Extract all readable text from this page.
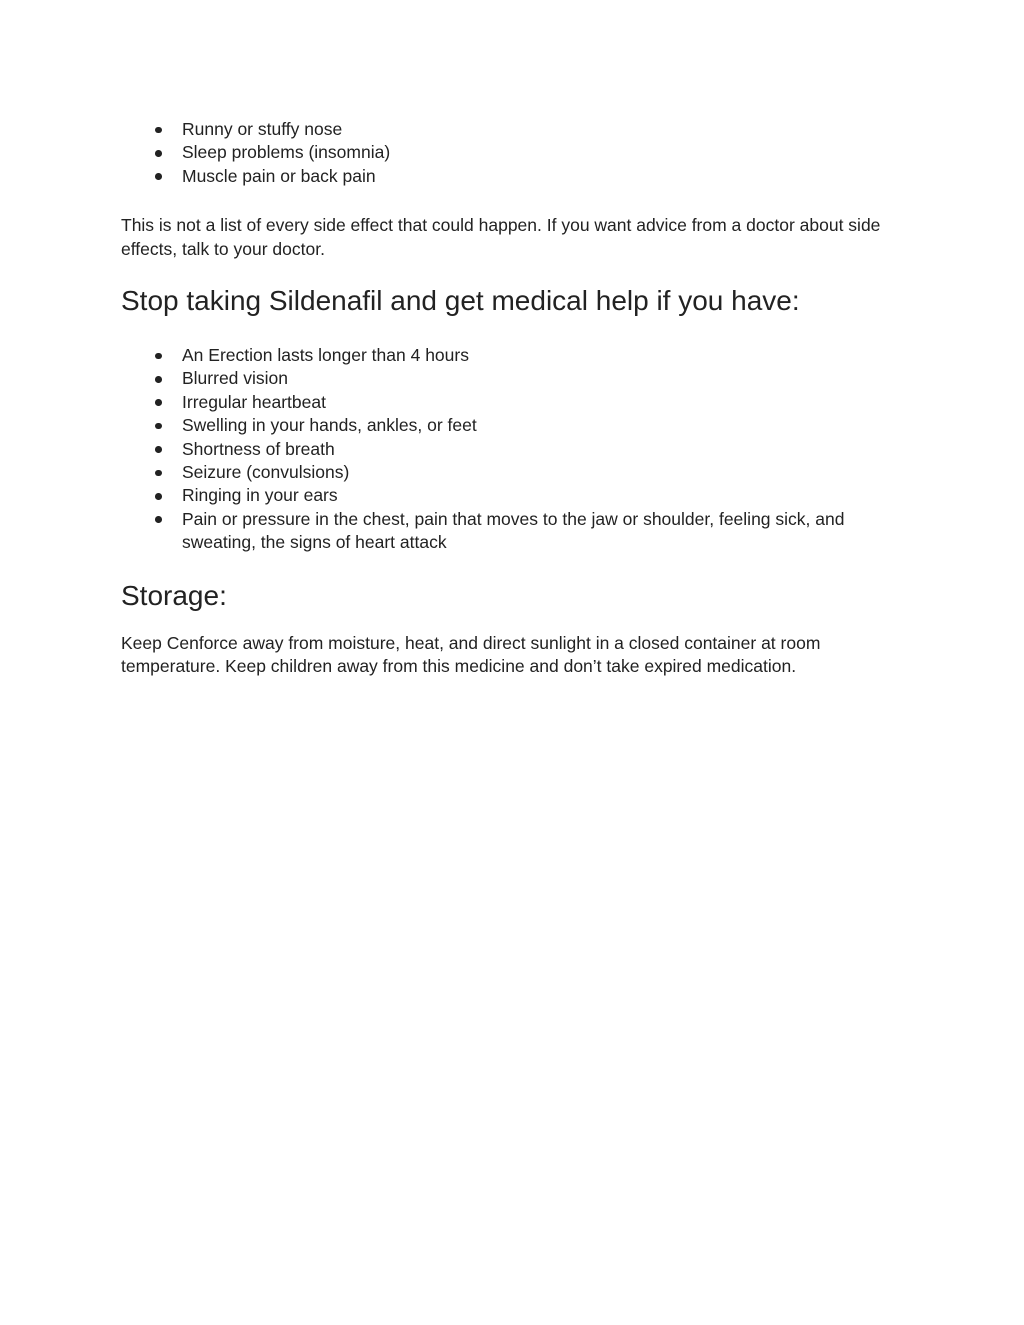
Runny or stuffy nose
Sleep problems (insomnia)
Muscle pain or back pain

This is not a list of every side effect that could happen. If you want advice from a doctor about side effects, talk to your doctor.

Stop taking Sildenafil and get medical help if you have:
An Erection lasts longer than 4 hours
Blurred vision
Irregular heartbeat
Swelling in your hands, ankles, or feet
Shortness of breath
Seizure (convulsions)
Ringing in your ears
Pain or pressure in the chest, pain that moves to the jaw or shoulder, feeling sick, and sweating, the signs of heart attack
Storage:

Keep Cenforce away from moisture, heat, and direct sunlight in a closed container at room temperature. Keep children away from this medicine and don’t take expired medication.
